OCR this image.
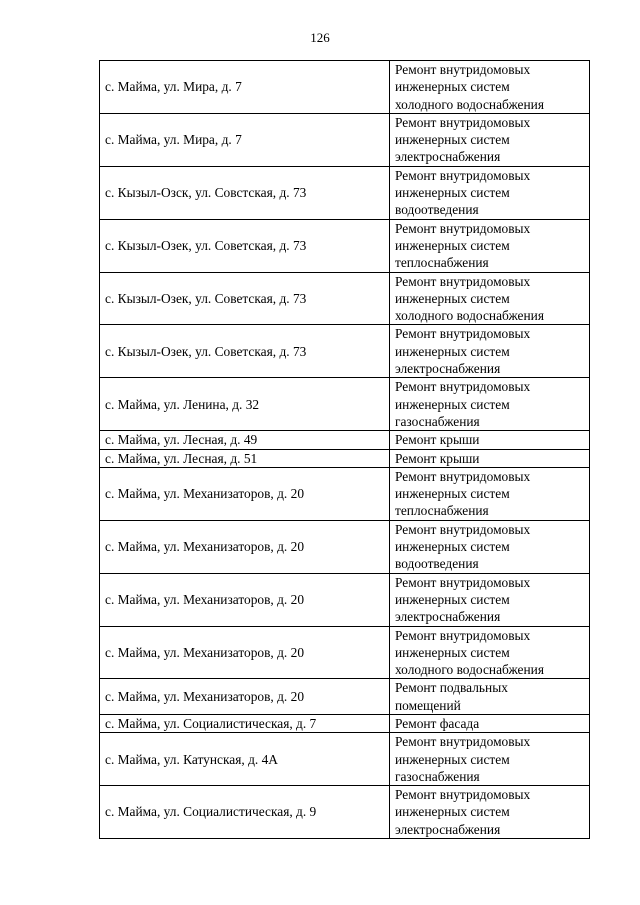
126
с. Майма, ул. Мира, д. 7	Ремонт внутридомовых
инженерных систем
холодного водоснабжения

с. Майма, ул. Мира, д. 7	Ремонт внутридомовых
инженерных систем
электроснабжения

с. Кызыл-Озск, ул. Совстская, д. 73	Ремонт внутридомовых
инженерных систем
водоотведения

с. Кызыл-Озек, ул. Советская, д. 73	Ремонт внутридомовых
инженерных систем
теплоснабжения

с. Кызыл-Озек, ул. Советская, д. 73	Ремонт внутридомовых
инженерных систем
холодного водоснабжения

с. Кызыл-Озек, ул. Советская, д. 73	Ремонт внутридомовых
инженерных систем
электроснабжения

с. Майма, ул. Ленина, д. 32	Ремонт внутридомовых
инженерных систем
газоснабжения

с. Майма, ул. Лесная, д. 49	Ремонт крыши

с. Майма, ул. Лесная, д. 51	Ремонт крыши

с. Майма, ул. Механизаторов, д. 20	Ремонт внутридомовых
инженерных систем
теплоснабжения

с. Майма, ул. Механизаторов, д. 20	Ремонт внутридомовых
инженерных систем
водоотведения

с. Майма, ул. Механизаторов, д. 20	Ремонт внутридомовых
инженерных систем
электроснабжения

с. Майма, ул. Механизаторов, д. 20	Ремонт внутридомовых
инженерных систем
холодного водоснабжения

с. Майма, ул. Механизаторов, д. 20	Ремонт подвальных
помещений

с. Майма, ул. Социалистическая, д. 7	Ремонт фасада

с. Майма, ул. Катунская, д. 4А	Ремонт внутридомовых
инженерных систем
газоснабжения

с. Майма, ул. Социалистическая, д. 9	Ремонт внутридомовых
инженерных систем
электроснабжения
